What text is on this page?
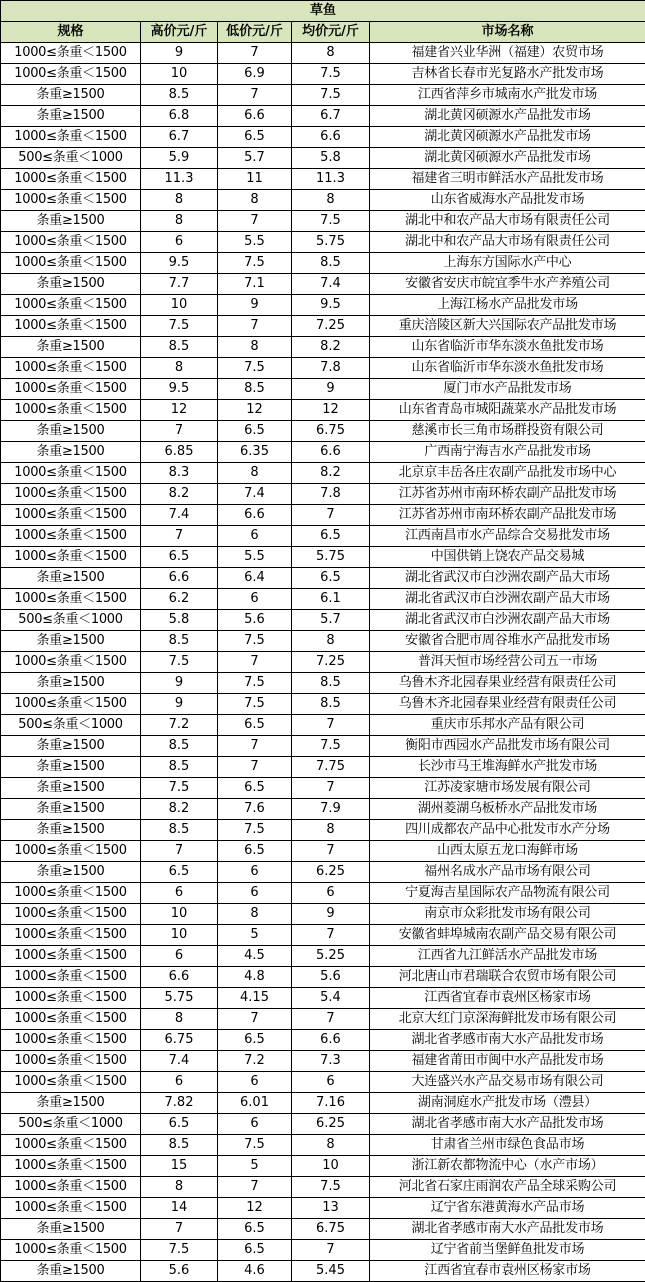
草鱼				
规格	高价元/斤	低价元/斤	均价元/斤	市场名称
1000≤条重＜1500	9	7	8	福建省兴业华洲（福建）农贸市场
1000≤条重＜1500	10	6.9	7.5	吉林省长春市光复路水产批发市场
条重≥1500	8.5	7	7.5	江西省萍乡市城南水产批发市场
条重≥1500	6.8	6.6	6.7	湖北黄冈硕源水产品批发市场
1000≤条重＜1500	6.7	6.5	6.6	湖北黄冈硕源水产品批发市场
500≤条重＜1000	5.9	5.7	5.8	湖北黄冈硕源水产品批发市场
1000≤条重＜1500	11.3	11	11.3	福建省三明市鲜活水产品批发市场
1000≤条重＜1500	8	8	8	山东省威海水产品批发市场
条重≥1500	8	7	7.5	湖北中和农产品大市场有限责任公司
1000≤条重＜1500	6	5.5	5.75	湖北中和农产品大市场有限责任公司
1000≤条重＜1500	9.5	7.5	8.5	上海东方国际水产中心
条重≥1500	7.7	7.1	7.4	安徽省安庆市皖宜季牛水产养殖公司
1000≤条重＜1500	10	9	9.5	上海江杨水产品批发市场
1000≤条重＜1500	7.5	7	7.25	重庆涪陵区新大兴国际农产品批发市场
条重≥1500	8.5	8	8.2	山东省临沂市华东淡水鱼批发市场
1000≤条重＜1500	8	7.5	7.8	山东省临沂市华东淡水鱼批发市场
1000≤条重＜1500	9.5	8.5	9	厦门市水产品批发市场
1000≤条重＜1500	12	12	12	山东省青岛市城阳蔬菜水产品批发市场
条重≥1500	7	6.5	6.75	慈溪市长三角市场群投资有限公司
条重≥1500	6.85	6.35	6.6	广西南宁海吉水产品批发市场
1000≤条重＜1500	8.3	8	8.2	北京京丰岳各庄农副产品批发市场中心
1000≤条重＜1500	8.2	7.4	7.8	江苏省苏州市南环桥农副产品批发市场
1000≤条重＜1500	7.4	6.6	7	江苏省苏州市南环桥农副产品批发市场
1000≤条重＜1500	7	6	6.5	江西南昌市水产品综合交易批发市场
1000≤条重＜1500	6.5	5.5	5.75	中国供销上饶农产品交易城
条重≥1500	6.6	6.4	6.5	湖北省武汉市白沙洲农副产品大市场
1000≤条重＜1500	6.2	6	6.1	湖北省武汉市白沙洲农副产品大市场
500≤条重＜1000	5.8	5.6	5.7	湖北省武汉市白沙洲农副产品大市场
条重≥1500	8.5	7.5	8	安徽省合肥市周谷堆水产品批发市场
1000≤条重＜1500	7.5	7	7.25	普洱天恒市场经营公司五一市场
条重≥1500	9	7.5	8.5	乌鲁木齐北园春果业经营有限责任公司
1000≤条重＜1500	9	7.5	8.5	乌鲁木齐北园春果业经营有限责任公司
500≤条重＜1000	7.2	6.5	7	重庆市乐邦水产品有限公司
条重≥1500	8.5	7	7.5	衡阳市西园水产品批发市场有限公司
条重≥1500	8.5	7	7.75	长沙市马王堆海鲜水产批发市场
条重≥1500	7.5	6.5	7	江苏凌家塘市场发展有限公司
条重≥1500	8.2	7.6	7.9	湖州菱湖乌板桥水产品批发市场
条重≥1500	8.5	7.5	8	四川成都农产品中心批发市水产分场
1000≤条重＜1500	7	6.5	7	山西太原五龙口海鲜市场
条重≥1500	6.5	6	6.25	福州名成水产品市场有限公司
1000≤条重＜1500	6	6	6	宁夏海吉星国际农产品物流有限公司
1000≤条重＜1500	10	8	9	南京市众彩批发市场有限公司
1000≤条重＜1500	10	5	7	安徽省蚌埠城南农副产品交易有限公司
1000≤条重＜1500	6	4.5	5.25	江西省九江鲜活水产品批发市场
1000≤条重＜1500	6.6	4.8	5.6	河北唐山市君瑞联合农贸市场有限公司
1000≤条重＜1500	5.75	4.15	5.4	江西省宜春市袁州区杨家市场
1000≤条重＜1500	8	7	7	北京大红门京深海鲜批发市场有限公司
1000≤条重＜1500	6.75	6.5	6.6	湖北省孝感市南大水产品批发市场
1000≤条重＜1500	7.4	7.2	7.3	福建省莆田市闽中水产品批发市场
1000≤条重＜1500	6	6	6	大连盛兴水产品交易市场有限公司
条重≥1500	7.82	6.01	7.16	湖南洞庭水产批发市场（澧县）
500≤条重＜1000	6.5	6	6.25	湖北省孝感市南大水产品批发市场
1000≤条重＜1500	8.5	7.5	8	甘肃省兰州市绿色食品市场
1000≤条重＜1500	15	5	10	浙江新农都物流中心（水产市场）
1000≤条重＜1500	8	7	7.5	河北省石家庄雨润农产品全球采购公司
1000≤条重＜1500	14	12	13	辽宁省东港黄海水产品市场
条重≥1500	7	6.5	6.75	湖北省孝感市南大水产品批发市场
1000≤条重＜1500	7.5	6.5	7	辽宁省前当堡鲜鱼批发市场
条重≥1500	5.6	4.6	5.45	江西省宜春市袁州区杨家市场
